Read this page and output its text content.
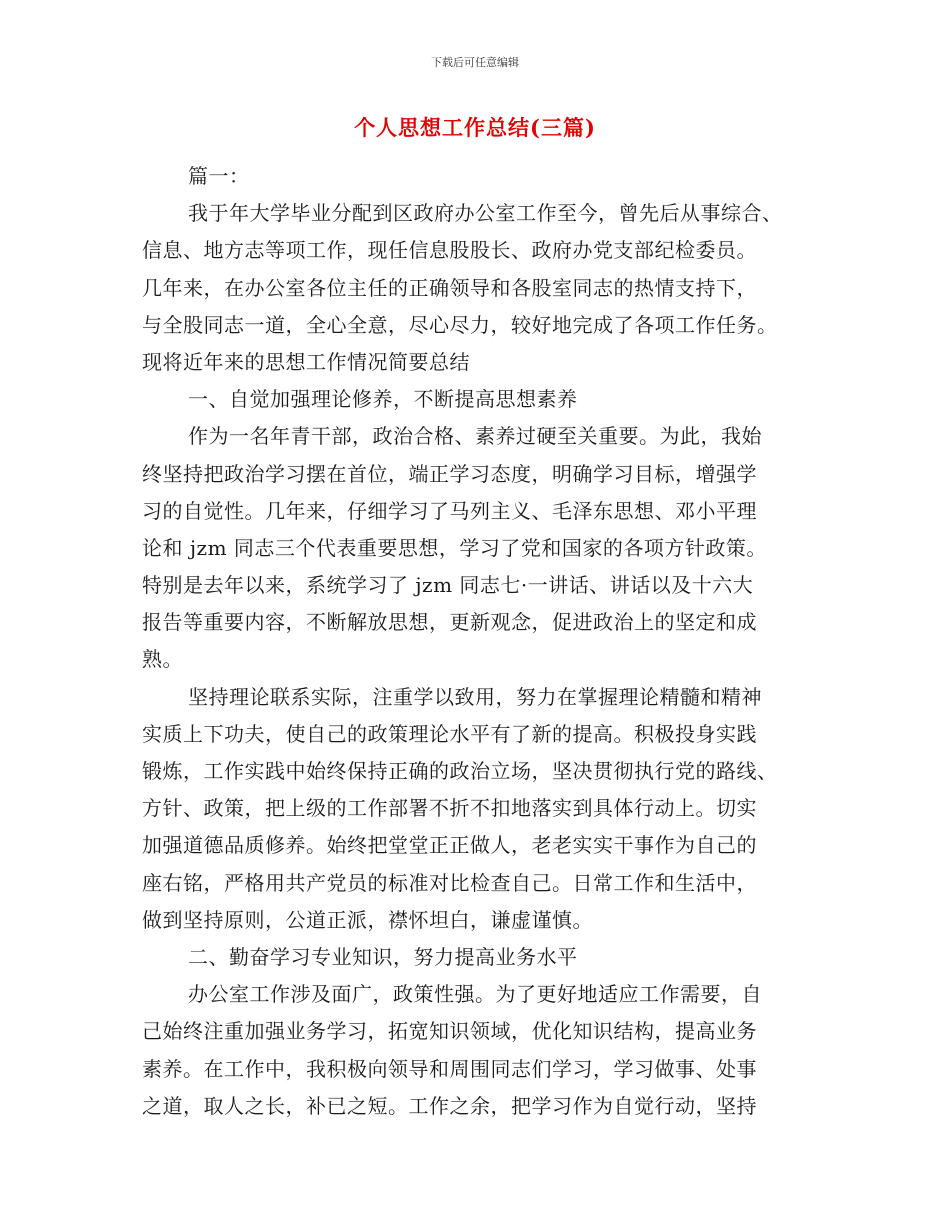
下载后可任意编辑
个人思想工作总结(三篇)
篇一：
我于年大学毕业分配到区政府办公室工作至今，曾先后从事综合、
信息、地方志等项工作，现任信息股股长、政府办党支部纪检委员。
几年来，在办公室各位主任的正确领导和各股室同志的热情支持下，
与全股同志一道，全心全意，尽心尽力，较好地完成了各项工作任务。
现将近年来的思想工作情况简要总结
一、自觉加强理论修养，不断提高思想素养
作为一名年青干部，政治合格、素养过硬至关重要。为此，我始
终坚持把政治学习摆在首位，端正学习态度，明确学习目标，增强学
习的自觉性。几年来，仔细学习了马列主义、毛泽东思想、邓小平理
论和 jzm 同志三个代表重要思想，学习了党和国家的各项方针政策。
特别是去年以来，系统学习了 jzm 同志七·一讲话、讲话以及十六大
报告等重要内容，不断解放思想，更新观念，促进政治上的坚定和成
熟。
坚持理论联系实际，注重学以致用，努力在掌握理论精髓和精神
实质上下功夫，使自己的政策理论水平有了新的提高。积极投身实践
锻炼，工作实践中始终保持正确的政治立场，坚决贯彻执行党的路线、
方针、政策，把上级的工作部署不折不扣地落实到具体行动上。切实
加强道德品质修养。始终把堂堂正正做人，老老实实干事作为自己的
座右铭，严格用共产党员的标准对比检查自己。日常工作和生活中，
做到坚持原则，公道正派，襟怀坦白，谦虚谨慎。
二、勤奋学习专业知识，努力提高业务水平
办公室工作涉及面广，政策性强。为了更好地适应工作需要，自
己始终注重加强业务学习，拓宽知识领域，优化知识结构，提高业务
素养。在工作中，我积极向领导和周围同志们学习，学习做事、处事
之道，取人之长，补已之短。工作之余，把学习作为自觉行动，坚持
